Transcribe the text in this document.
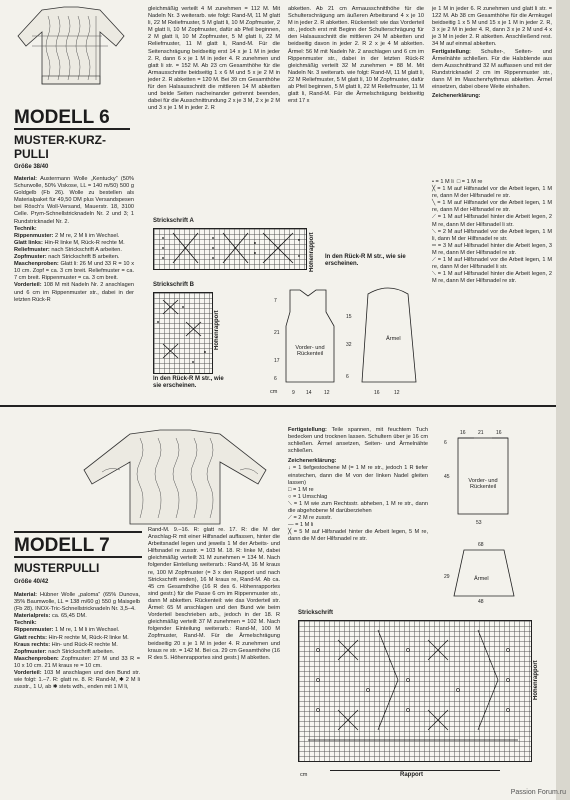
MODELL 6
MUSTER-KURZ-
PULLI
Größe 38/40

Material: Austermann Wolle „Kentucky“ (50% Schurwolle, 50% Viskose, LL = 140 m/50) 500 g Goldgelb (Fb 26). Wolle zu bestellen als Materialpaket für 49,50 DM plus Versandspesen bei Rösch's Woll-Versand, Mauerstr. 18, 3100 Celle. Prym-Schnellstricknadeln Nr. 2 und 3; 1 Rundstricknadel Nr. 2.

Technik:

Rippenmuster: 2 M re, 2 M li im Wechsel.

Glatt links: Hin-R linke M, Rück-R rechte M.

Reliefmuster: nach Strickschrift A arbeiten.

Zopfmuster: nach Strickschrift B arbeiten.

Maschenproben: Glatt li: 26 M und 33 R = 10 x 10 cm. Zopf = ca. 3 cm breit. Reliefmuster = ca. 7 cm breit. Rippenmuster = ca. 3 cm breit.

Vorderteil: 108 M mit Nadeln Nr. 2 anschlagen und 6 cm im Rippenmuster str., dabei in der letzten Rück-R

gleichmäßig verteilt 4 M zunehmen = 112 M. Mit Nadeln Nr. 3 weiterarb. wie folgt: Rand-M, 11 M glatt li, 22 M Reliefmuster, 5 M glatt li, 10 M Zopfmuster, 2 M glatt li, 10 M Zopfmuster, dafür ab Pfeil beginnen, 2 M glatt li, 10 M Zopfmuster, 5 M glatt li, 22 M Reliefmuster, 11 M glatt li, Rand-M. Für die Seitenschrägung beidseitig erst 14 x je 1 M in jeder 2. R, dann 6 x je 1 M in jeder 4. R zunehmen und glatt li str. = 152 M. Ab 23 cm Gesamthöhe für die Armausschnitte beidseitig 1 x 6 M und 5 x je 2 M in jeder 2. R abketten = 120 M. Bei 39 cm Gesamthöhe für den Halsausschnitt die mittleren 14 M abketten und beide Seiten nacheinander getrennt beenden, dabei für die Ausschnittrundung 2 x je 3 M, 2 x je 2 M und 3 x je 1 M in jeder 2. R

abketten. Ab 21 cm Armausschnitthöhe für die Schulterschrägung am äußeren Arbeitsrand 4 x je 10 M in jeder 2. R abketten. Rückenteil: wie das Vorderteil str., jedoch erst mit Beginn der Schulterschrägung für den Halsausschnitt die mittleren 24 M abketten und beidseitig davon in jeder 2. R 2 x je 4 M abketten. Ärmel: 56 M mit Nadeln Nr. 2 anschlagen und 6 cm im Rippenmuster str., dabei in der letzten Rück-R gleichmäßig verteilt 32 M zunehmen = 88 M. Mit Nadeln Nr. 3 weiterarb. wie folgt: Rand-M, 11 M glatt li, 22 M Reliefmuster, 5 M glatt li, 10 M Zopfmuster, dafür ab Pfeil beginnen, 5 M glatt li, 22 M Reliefmuster, 11 M glatt li, Rand-M. Für die Ärmelschrägung beidseitig erst 17 x

je 1 M in jeder 6. R zunehmen und glatt li str. = 122 M. Ab 38 cm Gesamthöhe für die Armkugel beidseitig 1 x 5 M und 15 x je 1 M in jeder 2. R, 3 x je 2 M in jeder 4. R, dann 3 x je 2 M und 4 x je 3 M in jeder 2. R abketten. Anschließend rest. 34 M auf einmal abketten.

Fertigstellung: Schulter-, Seiten- und Ärmelnähte schließen. Für die Halsblende aus dem Ausschnittrand 32 M auffassen und mit der Rundstricknadel 2 cm im Rippenmuster str., dann M im Maschenrhythmus abketten. Ärmel einsetzen, dabei obere Weite einhalten.

Zeichenerklärung:

• = 1 M li □ = 1 M re

╳ = 1 M auf Hilfsnadel vor die Arbeit legen, 1 M re, dann M der Hilfsnadel re str.

╲ = 1 M auf Hilfsnadel vor die Arbeit legen, 1 M re, dann M der Hilfsnadel re str.

⟋ = 1 M auf Hilfsnadel hinter die Arbeit legen, 2 M re, dann M der Hilfsnadel li str.

⟍ = 2 M auf Hilfsnadel vor die Arbeit legen, 1 M li, dann M der Hilfsnadel re str.

═ = 3 M auf Hilfsnadel hinter die Arbeit legen, 3 M re, dann M der Hilfsnadel re str.

⟋ = 1 M auf Hilfsnadel vor die Arbeit legen, 1 M re, dann M der Hilfsnadel li str.

⟍ = 1 M auf Hilfsnadel hinter die Arbeit legen, 2 M re, dann M der Hilfsnadel re str.

Strickschrift A
Höhenrapport In den Rück-R M str., wie sie erscheinen.
Strickschrift B
Höhenrapport
In den Rück-R M str., wie sie erscheinen.
7
21
17
6
15
32
6
9 14 12	16	12
Vorder- und Rückenteil
Ärmel
cm
MODELL 7
MUSTERPULLI
Größe 40/42

Material: Hübner Wolle „paloma“ (65% Dunova, 35% Baumwolle, LL = 138 m/60 g) 550 g Maisgelb (Fb 28). INOX-Tric-Schnellstricknadeln Nr. 3,5–4.

Materialpreis: ca. 65,45 DM.

Technik:

Rippenmuster: 1 M re, 1 M li im Wechsel.

Glatt rechts: Hin-R rechte M, Rück-R linke M.

Kraus rechts: Hin- und Rück-R rechte M.

Zopfmuster: nach Strickschrift arbeiten.

Maschenproben: Zopfmuster: 27 M und 33 R = 10 x 10 cm. 21 M kraus re = 10 cm.

Vorderteil: 103 M anschlagen und den Bund str. wie folgt: 1.–7. R: glatt re. 8. R: Rand-M, ✱ 2 M li zusstr., 1 U, ab ✱ stets wdh., enden mit 1 M li,

Rand-M. 9.–16. R: glatt re. 17. R: die M der Anschlag-R mit einer Hilfsnadel auffassen, hinter die Arbeitsnadel legen und jeweils 1 M der Arbeits- und Hilfsnadel re zusstr. = 103 M. 18. R: linke M, dabei gleichmäßig verteilt 31 M zunehmen = 134 M. Nach folgender Einteilung weiterarb.: Rand-M, 16 M kraus re, 100 M Zopfmuster (= 3 x den Rapport und nach Strickschrift enden), 16 M kraus re, Rand-M. Ab ca. 45 cm Gesamthöhe (16 R des 6. Höhenrapportes sind gestr.) für die Passe 6 cm im Rippenmuster str., dann M abketten. Rückenteil: wie das Vorderteil str. Ärmel: 65 M anschlagen und den Bund wie beim Vorderteil beschrieben arb., jedoch in der 18. R gleichmäßig verteilt 37 M zunehmen = 102 M. Nach folgender Einteilung weiterarb.: Rand-M, 100 M Zopfmuster, Rand-M. Für die Ärmelschrägung beidseitig 20 x je 1 M in jeder 4. R zunehmen und kraus re str. = 142 M. Bei ca. 29 cm Gesamthöhe (16 R des 5. Höhenrapportes sind gestr.) M abketten.

Fertigstellung: Teile spannen, mit feuchtem Tuch bedecken und trocknen lassen. Schultern über je 16 cm schließen. Ärmel ansetzen, Seiten- und Ärmelnähte schließen.

Zeichenerklärung:

↓ = 1 tiefgestochene M (= 1 M re str., jedoch 1 R tiefer einstechen, dann die M von der linken Nadel gleiten lassen)

□ = 1 M re

○ = 1 Umschlag

⟍ = 1 M wie zum Rechtsstr. abheben, 1 M re str., dann die abgehobene M darüberziehen

⟋ = 2 M re zusstr.

— = 1 M li

╳ = 5 M auf Hilfsnadel hinter die Arbeit legen, 5 M re, dann die M der Hilfsnadel re str.

16 21 16
6
45
53
29
68
48
Vorder- und Rückenteil
Ärmel
Strickschrift
Höhenrapport
Rapport
cm
Passion Forum.ru
